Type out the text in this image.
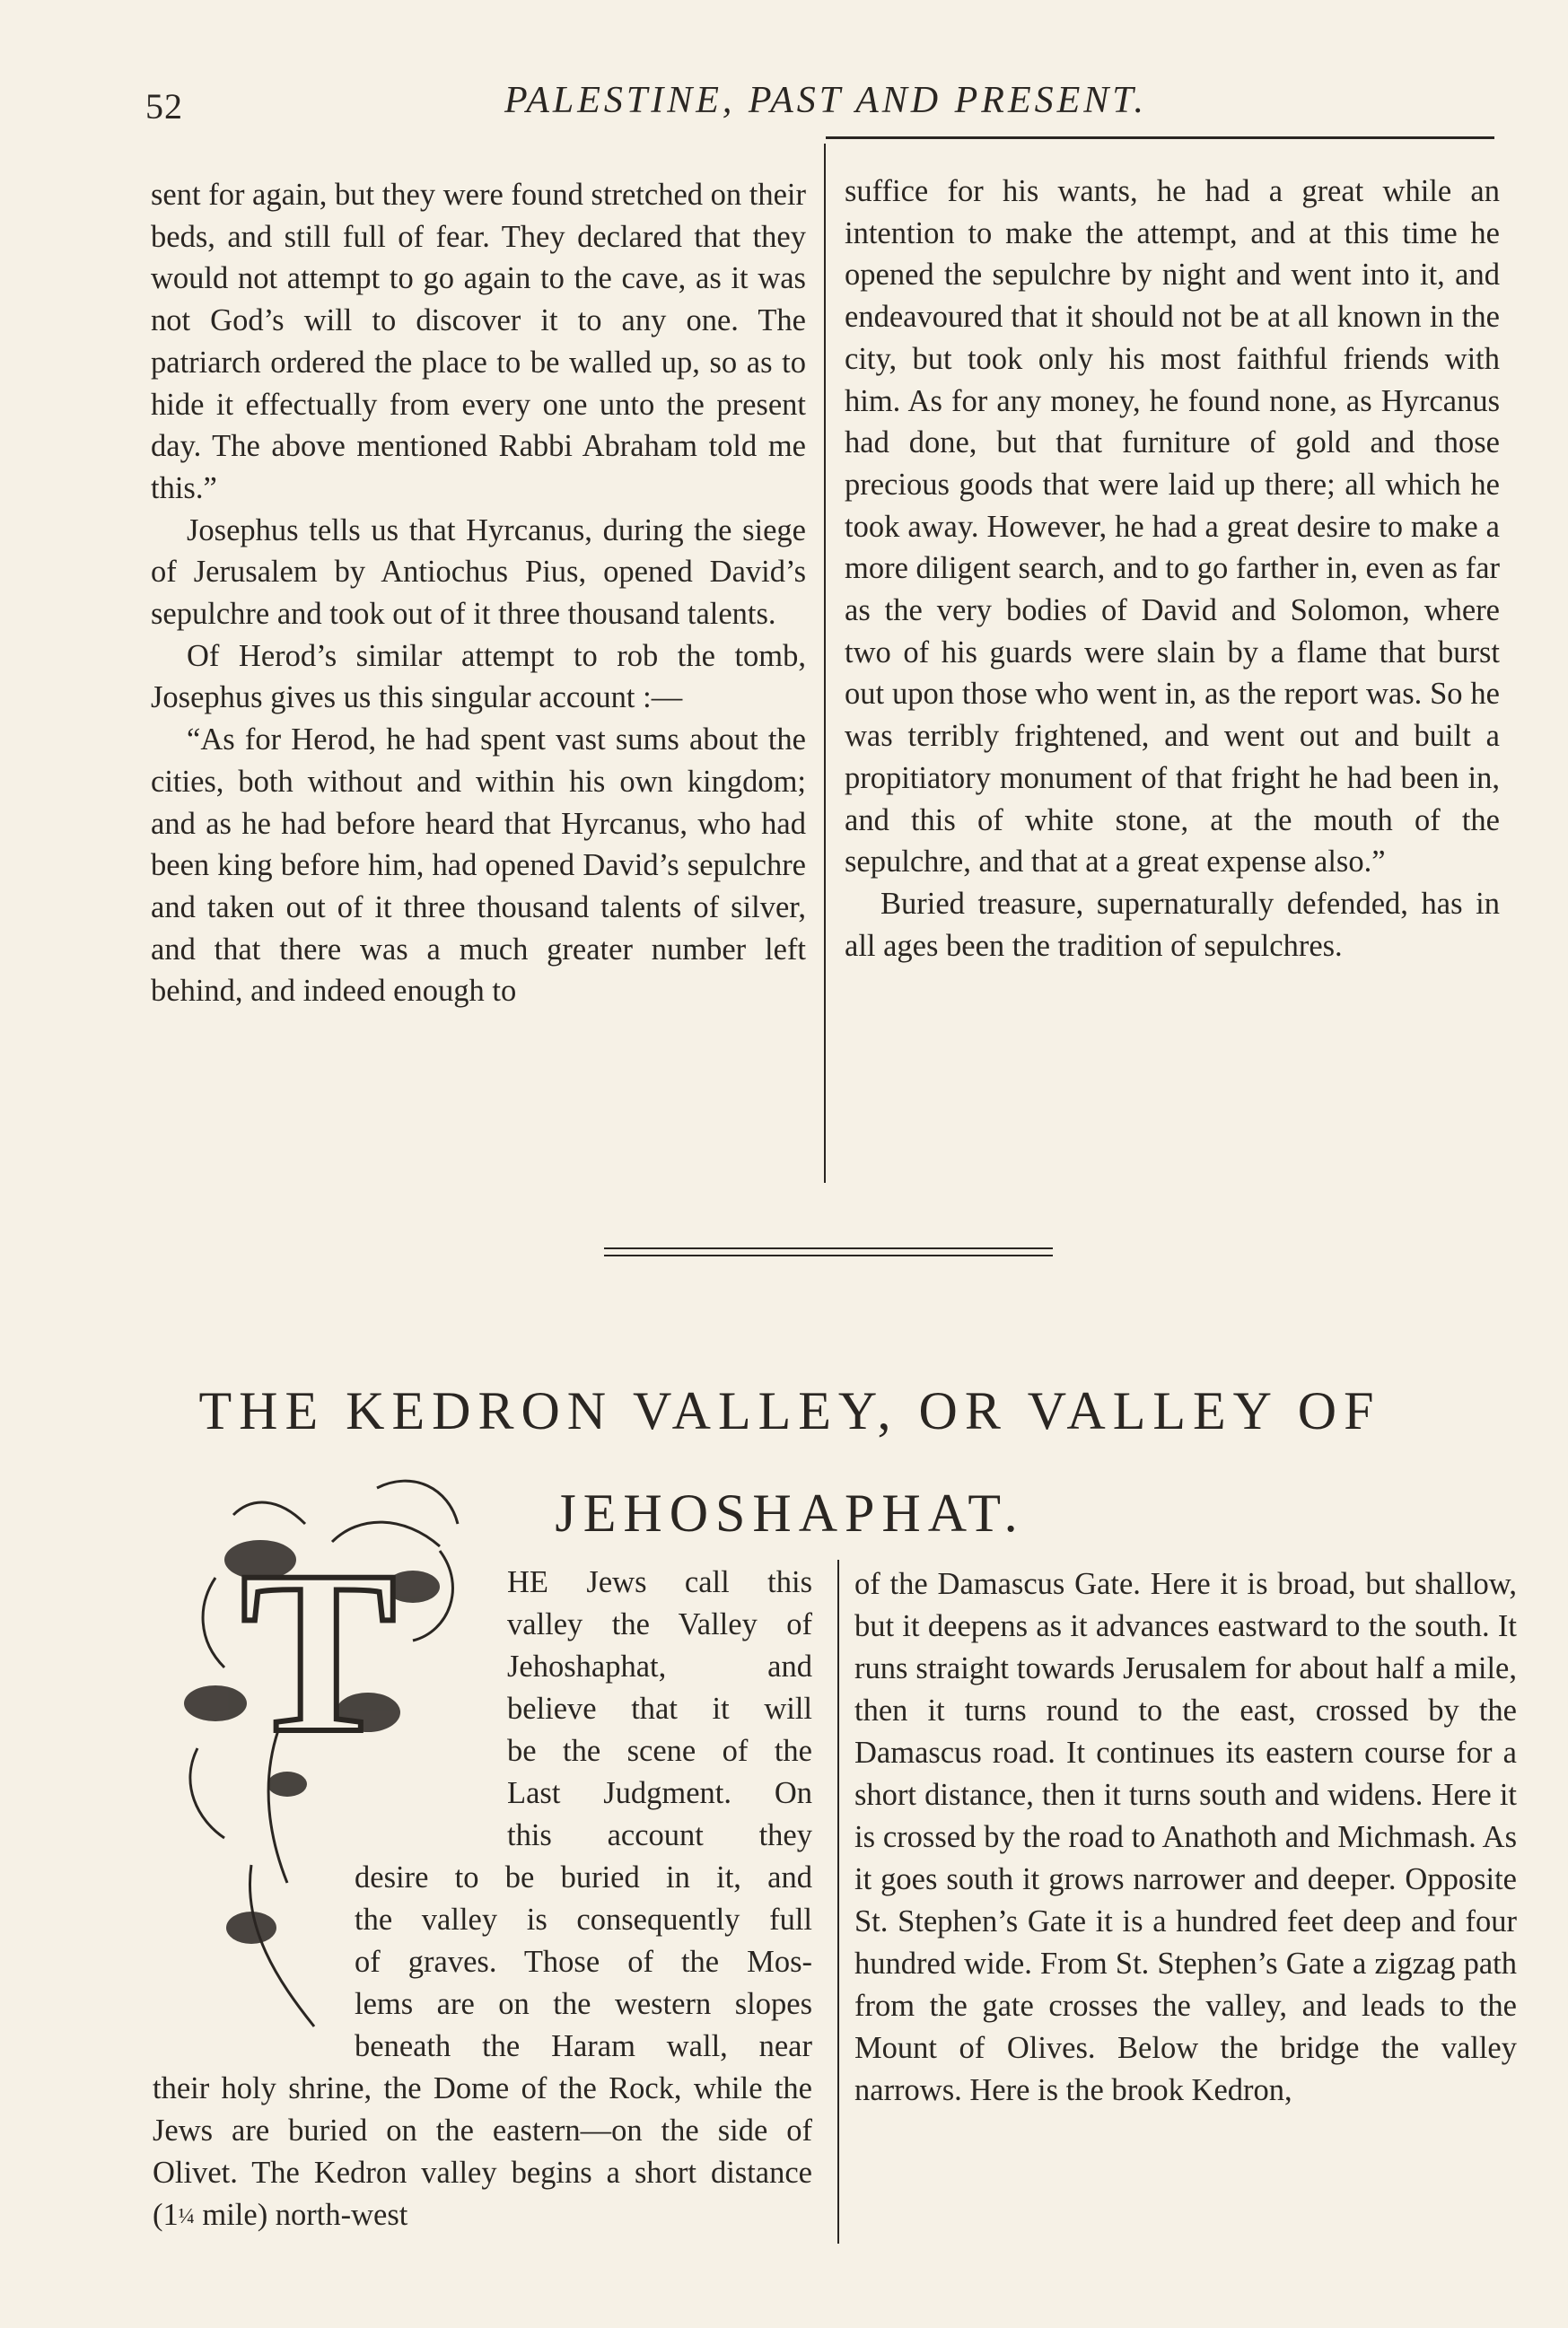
52	PALESTINE, PAST AND PRESENT.

sent for again, but they were found stretched on their beds, and still full of fear. They declared that they would not attempt to go again to the cave, as it was not God’s will to discover it to any one. The patriarch ordered the place to be walled up, so as to hide it effectually from every one unto the present day. The above mentioned Rabbi Abraham told me this.”

Josephus tells us that Hyrcanus, during the siege of Jerusalem by Antiochus Pius, opened David’s sepulchre and took out of it three thousand talents.

Of Herod’s similar attempt to rob the tomb, Josephus gives us this singular account :—

“As for Herod, he had spent vast sums about the cities, both without and within his own kingdom; and as he had before heard that Hyrcanus, who had been king before him, had opened David’s sepulchre and taken out of it three thousand talents of silver, and that there was a much greater number left behind, and indeed enough to

suffice for his wants, he had a great while an intention to make the attempt, and at this time he opened the sepulchre by night and went into it, and endeavoured that it should not be at all known in the city, but took only his most faithful friends with him. As for any money, he found none, as Hyrcanus had done, but that furniture of gold and those precious goods that were laid up there; all which he took away. However, he had a great desire to make a more diligent search, and to go farther in, even as far as the very bodies of David and Solomon, where two of his guards were slain by a flame that burst out upon those who went in, as the report was. So he was terribly frightened, and went out and built a propitiatory monument of that fright he had been in, and this of white stone, at the mouth of the sepulchre, and that at a great expense also.”

Buried treasure, supernaturally defended, has in all ages been the tradition of sepulchres.

THE KEDRON VALLEY, OR VALLEY OF
JEHOSHAPHAT.
T	HE Jews call this
valley the Valley of
Jehoshaphat, and
believe that it will
be the scene of the
Last Judgment. On
this account they
desire to be buried in it, and
the valley is consequently full
of graves. Those of the Mos-
lems are on the western slopes
beneath the Haram wall, near
their holy shrine, the Dome of the Rock, while the Jews are buried on the eastern—on the side of Olivet. The Kedron valley begins a short distance (1¼ mile) north-west

of the Damascus Gate. Here it is broad, but shallow, but it deepens as it advances eastward to the south. It runs straight towards Jerusalem for about half a mile, then it turns round to the east, crossed by the Damascus road. It continues its eastern course for a short distance, then it turns south and widens. Here it is crossed by the road to Anathoth and Michmash. As it goes south it grows narrower and deeper. Opposite St. Stephen’s Gate it is a hundred feet deep and four hundred wide. From St. Stephen’s Gate a zigzag path from the gate crosses the valley, and leads to the Mount of Olives. Below the bridge the valley narrows. Here is the brook Kedron,
